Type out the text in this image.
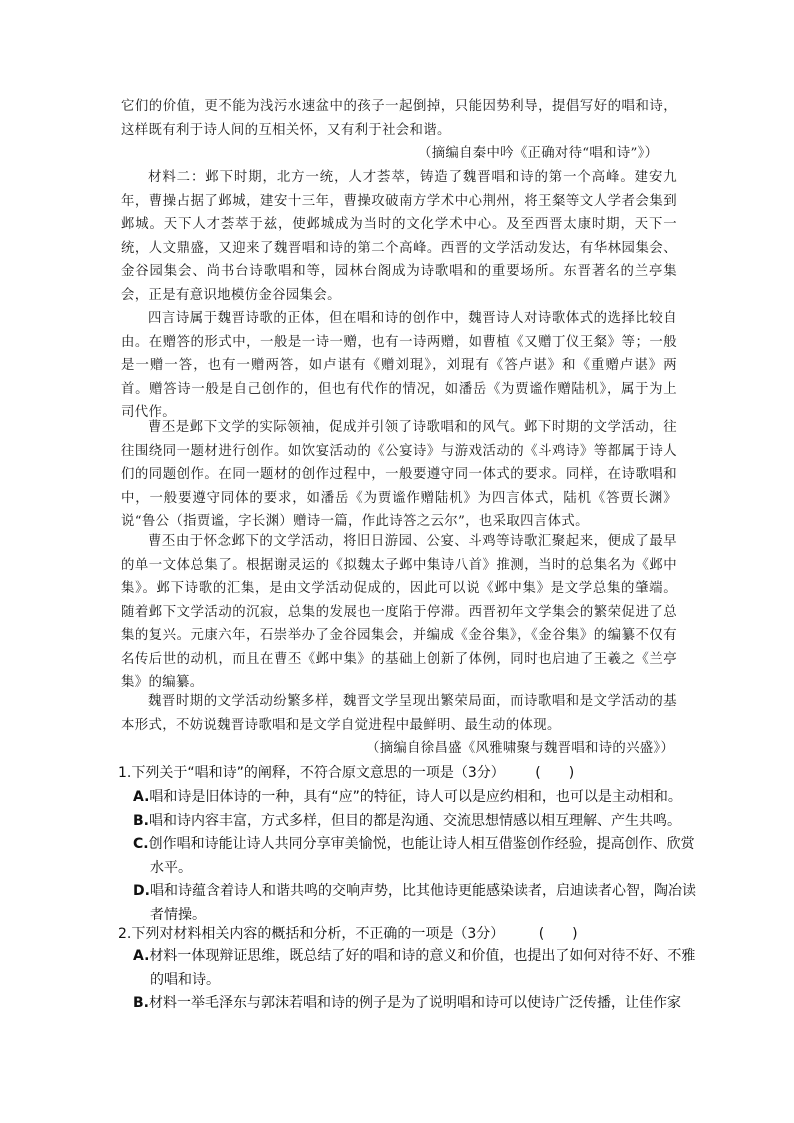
它们的价值，更不能为浅污水速盆中的孩子一起倒掉，只能因势利导，提倡写好的唱和诗，这样既有利于诗人间的互相关怀，又有利于社会和谐。

（摘编自秦中吟《正确对待“唱和诗”》）

材料二：邺下时期，北方一统，人才荟萃，铸造了魏晋唱和诗的第一个高峰。建安九年，曹操占据了邺城，建安十三年，曹操攻破南方学术中心荆州，将王粲等文人学者会集到邺城。天下人才荟萃于兹，使邺城成为当时的文化学术中心。及至西晋太康时期，天下一统，人文鼎盛，又迎来了魏晋唱和诗的第二个高峰。西晋的文学活动发达，有华林园集会、金谷园集会、尚书台诗歌唱和等，园林台阁成为诗歌唱和的重要场所。东晋著名的兰亭集会，正是有意识地模仿金谷园集会。

四言诗属于魏晋诗歌的正体，但在唱和诗的创作中，魏晋诗人对诗歌体式的选择比较自由。在赠答的形式中，一般是一诗一赠，也有一诗两赠，如曹植《又赠丁仪王粲》等；一般是一赠一答，也有一赠两答，如卢谌有《赠刘琨》，刘琨有《答卢谌》和《重赠卢谌》两首。赠答诗一般是自己创作的，但也有代作的情况，如潘岳《为贾谧作赠陆机》，属于为上司代作。

曹丕是邺下文学的实际领袖，促成并引领了诗歌唱和的风气。邺下时期的文学活动，往往围绕同一题材进行创作。如饮宴活动的《公宴诗》与游戏活动的《斗鸡诗》等都属于诗人们的同题创作。在同一题材的创作过程中，一般要遵守同一体式的要求。同样，在诗歌唱和中，一般要遵守同体的要求，如潘岳《为贾谧作赠陆机》为四言体式，陆机《答贾长渊》说“鲁公（指贾谧，字长渊）赠诗一篇，作此诗答之云尔”，也采取四言体式。

曹丕由于怀念邺下的文学活动，将旧日游园、公宴、斗鸡等诗歌汇聚起来，便成了最早的单一文体总集了。根据谢灵运的《拟魏太子邺中集诗八首》推测，当时的总集名为《邺中集》。邺下诗歌的汇集，是由文学活动促成的，因此可以说《邺中集》是文学总集的肇端。随着邺下文学活动的沉寂，总集的发展也一度陷于停滞。西晋初年文学集会的繁荣促进了总集的复兴。元康六年，石崇举办了金谷园集会，并编成《金谷集》，《金谷集》的编纂不仅有名传后世的动机，而且在曹丕《邺中集》的基础上创新了体例，同时也启迪了王羲之《兰亭集》的编纂。

魏晋时期的文学活动纷繁多样，魏晋文学呈现出繁荣局面，而诗歌唱和是文学活动的基本形式，不妨说魏晋诗歌唱和是文学自觉进程中最鲜明、最生动的体现。

（摘编自徐昌盛《风雅啸聚与魏晋唱和诗的兴盛》）

1.下列关于“唱和诗”的阐释，不符合原文意思的一项是（3分） (　　)

A.唱和诗是旧体诗的一种，具有“应”的特征，诗人可以是应约相和，也可以是主动相和。

B.唱和诗内容丰富，方式多样，但目的都是沟通、交流思想情感以相互理解、产生共鸣。

C.创作唱和诗能让诗人共同分享审美愉悦，也能让诗人相互借鉴创作经验，提高创作、欣赏水平。

D.唱和诗蕴含着诗人和谐共鸣的交响声势，比其他诗更能感染读者，启迪读者心智，陶冶读者情操。

2.下列对材料相关内容的概括和分析，不正确的一项是（3分） (　　)

A.材料一体现辩证思维，既总结了好的唱和诗的意义和价值，也提出了如何对待不好、不雅的唱和诗。

B.材料一举毛泽东与郭沫若唱和诗的例子是为了说明唱和诗可以使诗广泛传播，让佳作家
